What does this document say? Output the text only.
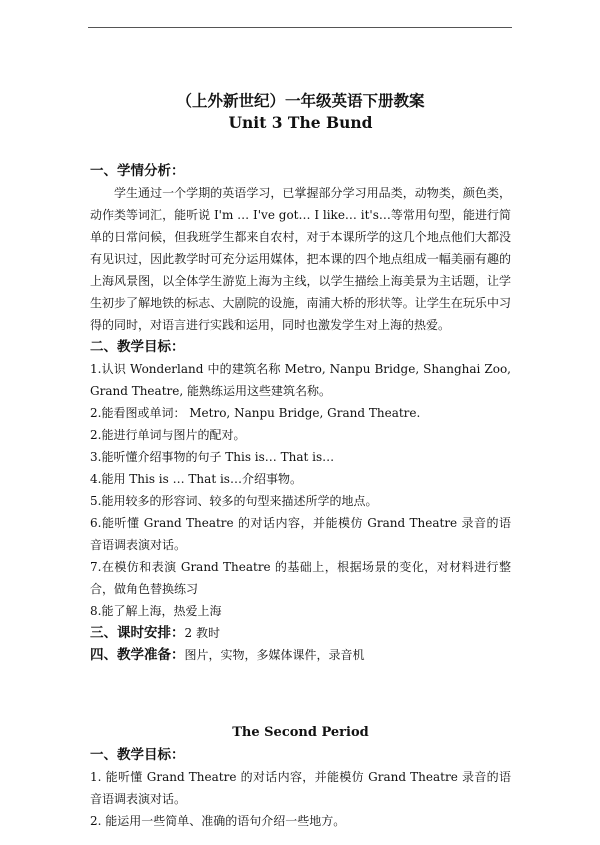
（上外新世纪）一年级英语下册教案

Unit 3 The Bund

一、学情分析：

学生通过一个学期的英语学习，已掌握部分学习用品类，动物类，颜色类，动作类等词汇，能听说 I'm … I've got… I like… it's…等常用句型，能进行简单的日常问候，但我班学生都来自农村，对于本课所学的这几个地点他们大都没有见识过，因此教学时可充分运用媒体，把本课的四个地点组成一幅美丽有趣的上海风景图，以全体学生游览上海为主线，以学生描绘上海美景为主话题，让学生初步了解地铁的标志、大剧院的设施，南浦大桥的形状等。让学生在玩乐中习得的同时，对语言进行实践和运用，同时也激发学生对上海的热爱。

二、教学目标：

1.认识 Wonderland 中的建筑名称 Metro, Nanpu Bridge, Shanghai Zoo, Grand Theatre, 能熟练运用这些建筑名称。

2.能看图或单词： Metro, Nanpu Bridge, Grand Theatre.

2.能进行单词与图片的配对。

3.能听懂介绍事物的句子 This is… That is…

4.能用 This is … That is…介绍事物。

5.能用较多的形容词、较多的句型来描述所学的地点。

6.能听懂 Grand Theatre 的对话内容，并能模仿 Grand Theatre 录音的语音语调表演对话。

7.在模仿和表演 Grand Theatre 的基础上，根据场景的变化，对材料进行整合，做角色替换练习

8.能了解上海，热爱上海

三、课时安排：2 教时

四、教学准备：图片，实物，多媒体课件，录音机

The Second Period

一、教学目标：

1. 能听懂 Grand Theatre 的对话内容，并能模仿 Grand Theatre 录音的语音语调表演对话。

2. 能运用一些简单、准确的语句介绍一些地方。
